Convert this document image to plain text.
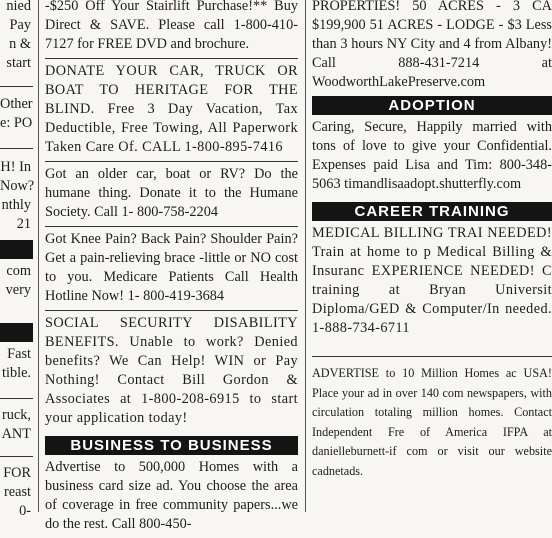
nied

Pay

n &

start

Other

e: PO

H! In

Now?

nthly

21

com

very

Fast

tible.

ruck,

ANT

FOR

reast

0-

-$250 Off Your Stairlift Purchase!** Buy Direct & SAVE. Please call 1-800-410-7127 for FREE DVD and brochure.

DONATE YOUR CAR, TRUCK OR BOAT TO HERITAGE FOR THE BLIND. Free 3 Day Vacation, Tax Deductible, Free Towing, All Paperwork Taken Care Of. CALL 1-800-895-7416

Got an older car, boat or RV? Do the humane thing. Donate it to the Humane Society. Call 1- 800-758-2204

Got Knee Pain? Back Pain? Shoulder Pain? Get a pain-relieving brace -little or NO cost to you. Medicare Patients Call Health Hotline Now! 1- 800-419-3684

SOCIAL SECURITY DISABILITY BENEFITS. Unable to work? Denied benefits? We Can Help! WIN or Pay Nothing! Contact Bill Gordon & Associates at 1-800-208-6915 to start your application today!

BUSINESS TO BUSINESS

Advertise to 500,000 Homes with a business card size ad. You choose the area of coverage in free community papers...we do the rest. Call 800-450-

PROPERTIES! 50 ACRES - 3 CA $199,900 51 ACRES - LODGE - $3 Less than 3 hours NY City and 4 from Albany! Call 888-431-7214 at WoodworthLakePreserve.com

ADOPTION

Caring, Secure, Happily married with tons of love to give your Confidential. Expenses paid Lisa and Tim: 800-348-5063 timandlisaadopt.shutterfly.com

CAREER TRAINING

MEDICAL BILLING TRAI NEEDED! Train at home to p Medical Billing & Insuranc EXPERIENCE NEEDED! C training at Bryan Universit Diploma/GED & Computer/In needed. 1-888-734-6711

ADVERTISE to 10 Million Homes ac USA! Place your ad in over 140 com newspapers, with circulation totaling million homes. Contact Independent Fre of America IFPA at danielleburnett-if com or visit our website cadnetads.
